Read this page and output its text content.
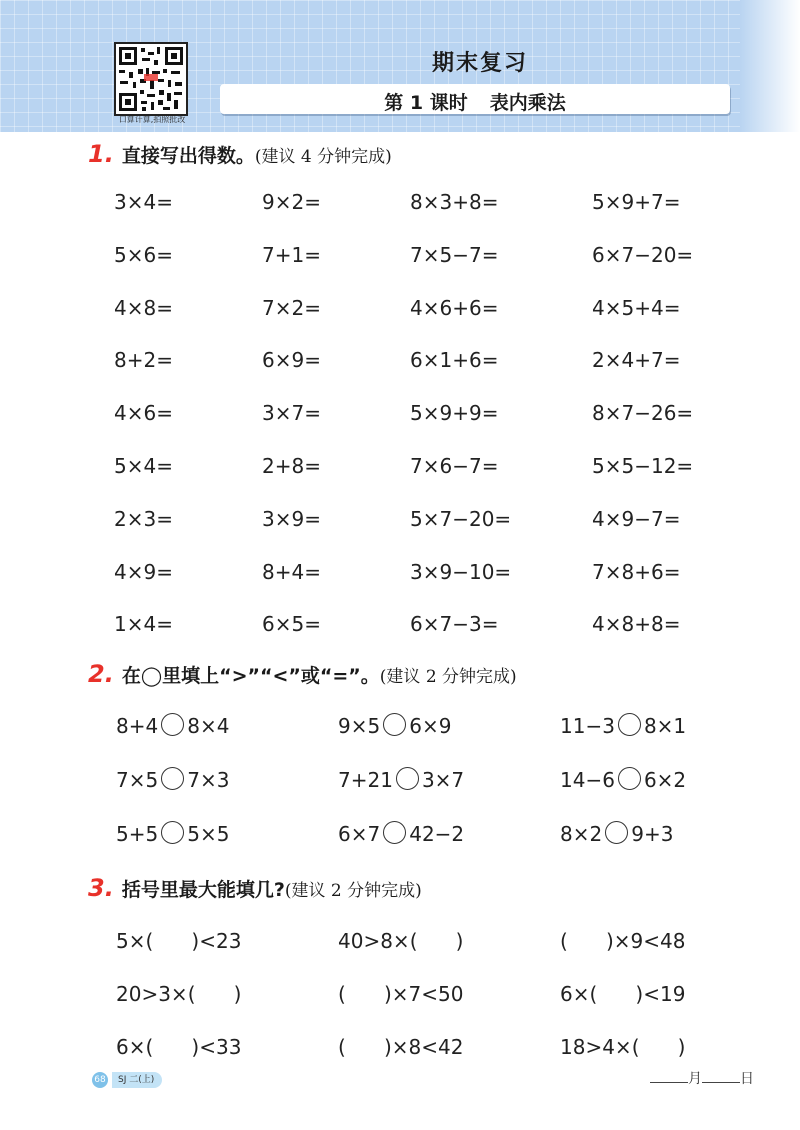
口算计算,拍照批改
期末复习
第 1 课时 表内乘法
1. 直接写出得数。(建议 4 分钟完成)
3×4=	9×2=	8×3+8=	5×9+7=
5×6=	7+1=	7×5−7=	6×7−20=
4×8=	7×2=	4×6+6=	4×5+4=
8+2=	6×9=	6×1+6=	2×4+7=
4×6=	3×7=	5×9+9=	8×7−26=
5×4=	2+8=	7×6−7=	5×5−12=
2×3=	3×9=	5×7−20=	4×9−7=
4×9=	8+4=	3×9−10=	7×8+6=
1×4=	6×5=	6×7−3=	4×8+8=
2. 在◯里填上“>”“<”或“=”。(建议 2 分钟完成)
8+4 8×4	9×5 6×9	11−3 8×1
7×5 7×3	7+21 3×7	14−6 6×2
5+5 5×5	6×7 42−2	8×2 9+3
3. 括号里最大能填几?(建议 2 分钟完成)
5×(      )<23	40>8×(      )	(      )×9<48
20>3×(      )	(      )×7<50	6×(      )<19
6×(      )<33	(      )×8<42	18>4×(      )
68	SJ 二(上)	月	日
